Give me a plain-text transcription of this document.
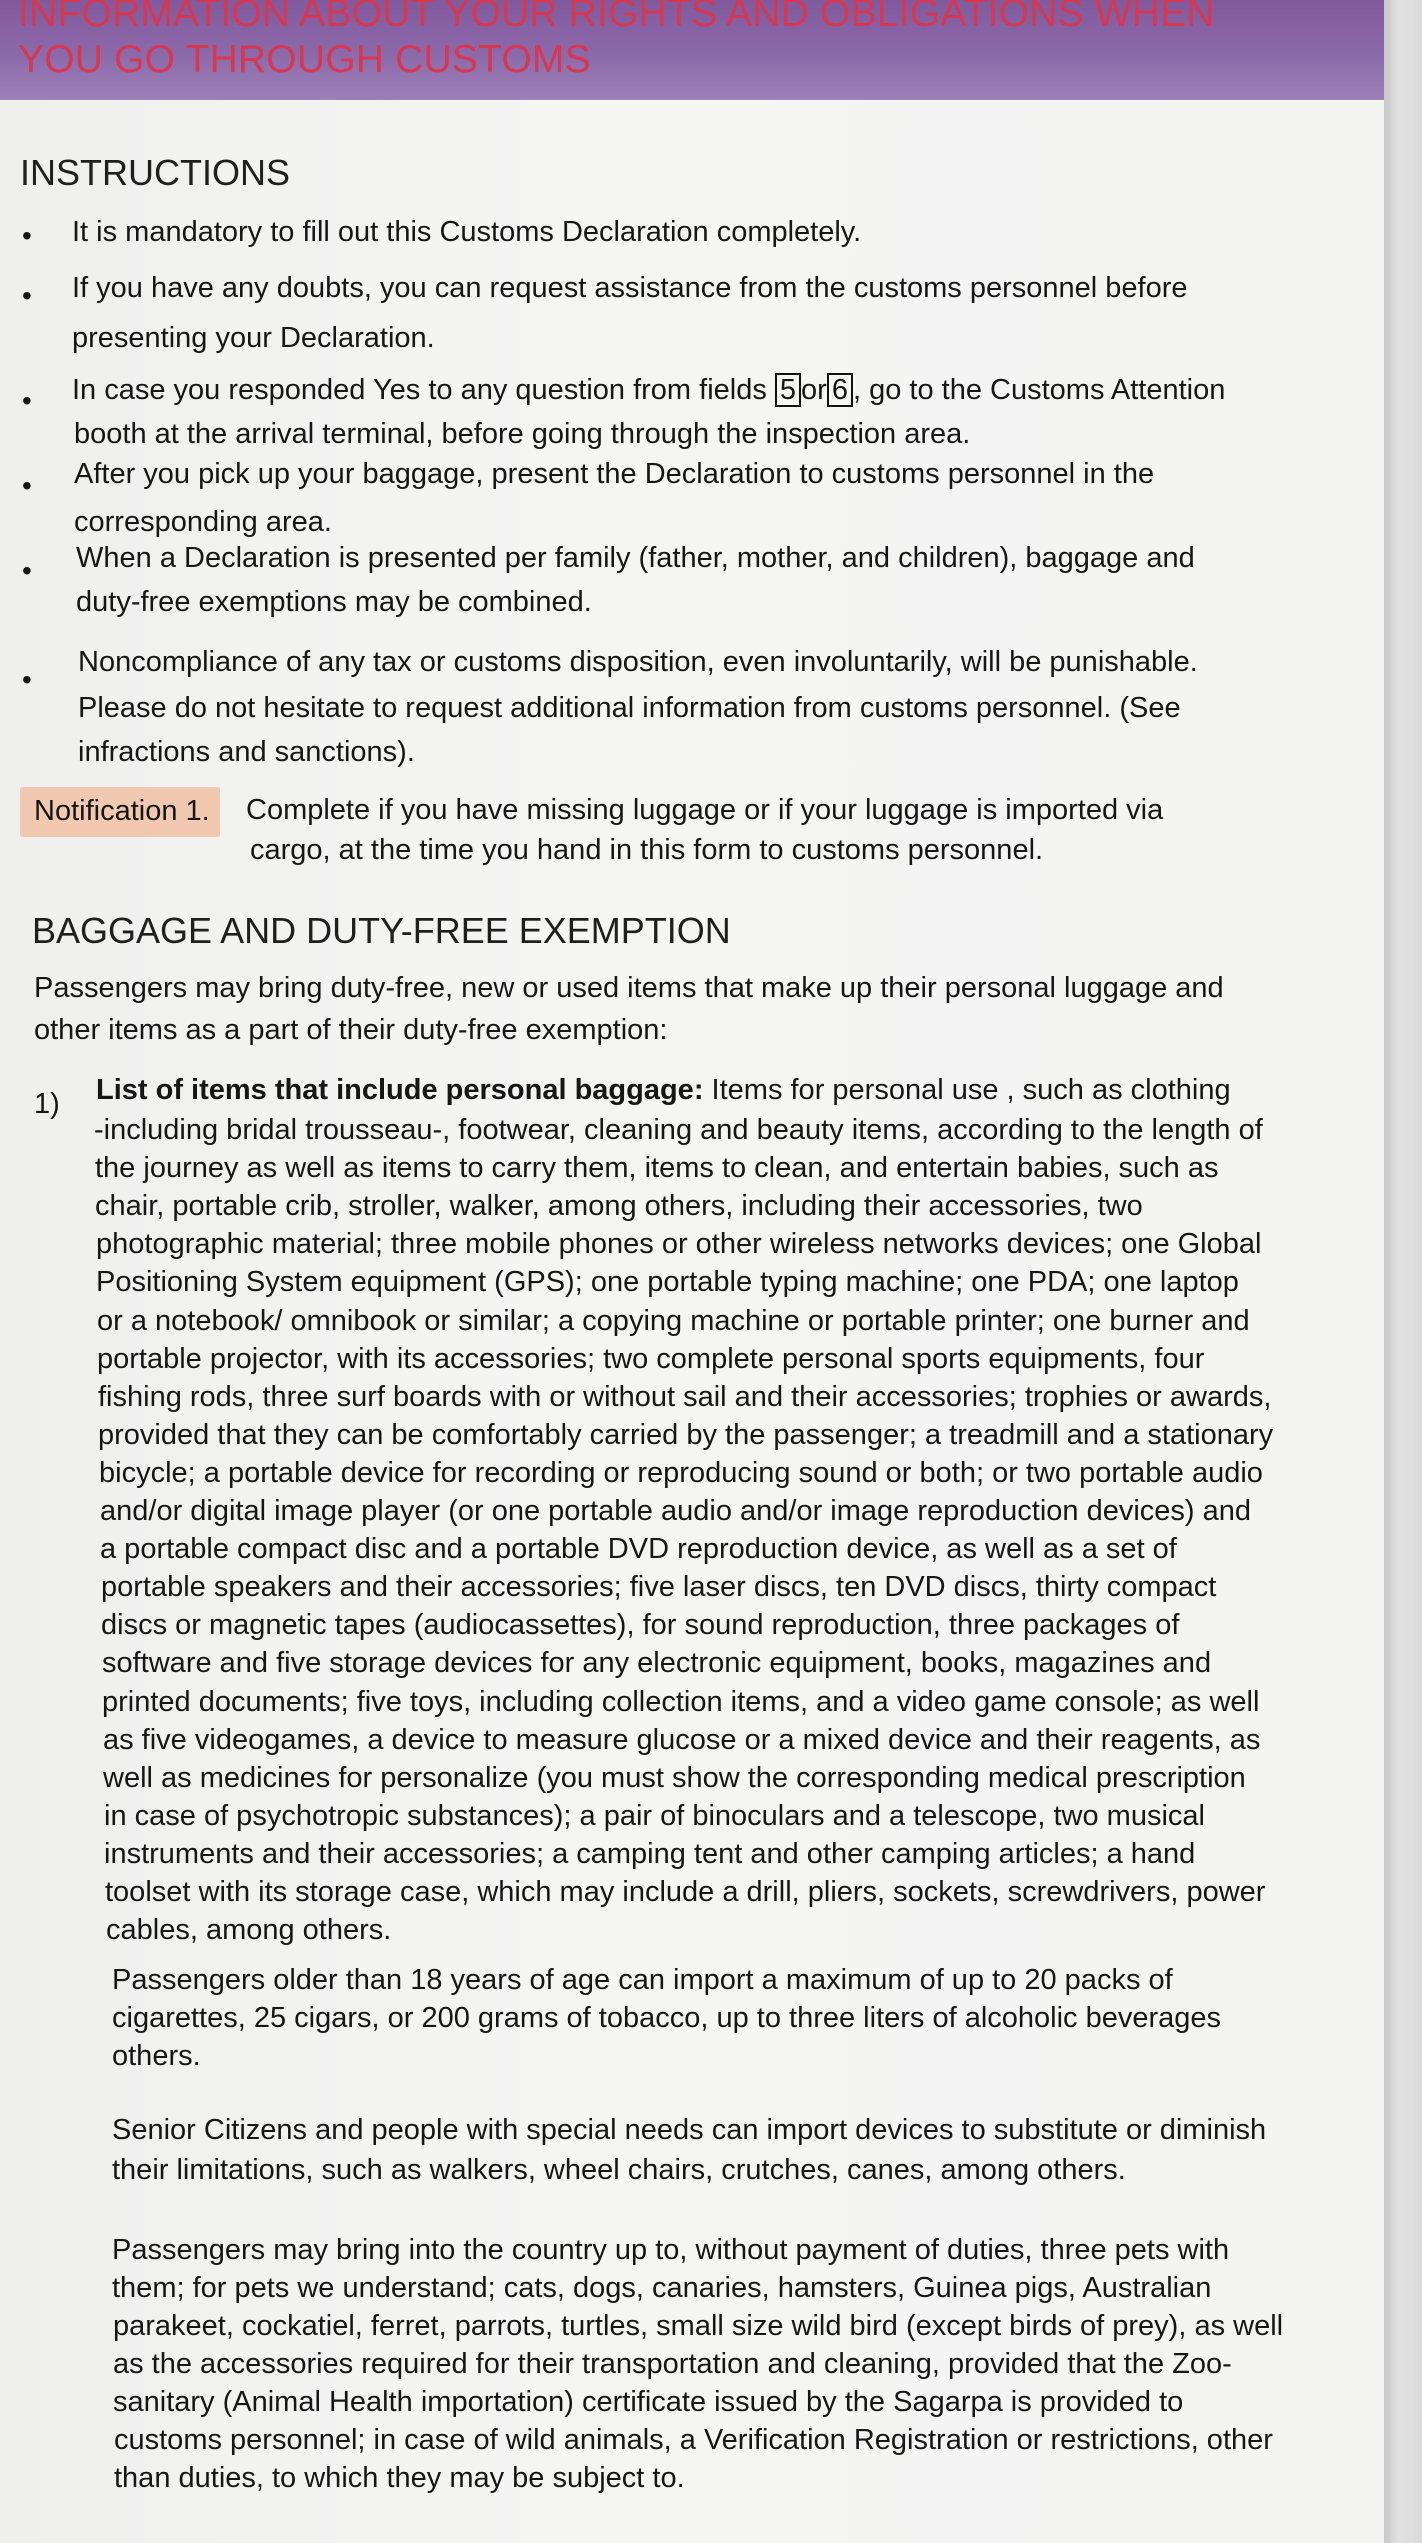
INFORMATION ABOUT YOUR RIGHTS AND OBLIGATIONS WHEN
YOU GO THROUGH CUSTOMS
INSTRUCTIONS
• It is mandatory to fill out this Customs Declaration completely.
• If you have any doubts, you can request assistance from the customs personnel before
presenting your Declaration.
• In case you responded Yes to any question from fields 5 or 6 , go to the Customs Attention
booth at the arrival terminal, before going through the inspection area.
• After you pick up your baggage, present the Declaration to customs personnel in the
corresponding area.
• When a Declaration is presented per family (father, mother, and children), baggage and
duty-free exemptions may be combined.
•
Noncompliance of any tax or customs disposition, even involuntarily, will be punishable.
Please do not hesitate to request additional information from customs personnel. (See
infractions and sanctions).
Notification 1. Complete if you have missing luggage or if your luggage is imported via
cargo, at the time you hand in this form to customs personnel.
BAGGAGE AND DUTY-FREE EXEMPTION
Passengers may bring duty-free, new or used items that make up their personal luggage and
other items as a part of their duty-free exemption:
1) List of items that include personal baggage: Items for personal use , such as clothing
-including bridal trousseau-, footwear, cleaning and beauty items, according to the length of
the journey as well as items to carry them, items to clean, and entertain babies, such as
chair, portable crib, stroller, walker, among others, including their accessories, two
photographic material; three mobile phones or other wireless networks devices; one Global
Positioning System equipment (GPS); one portable typing machine; one PDA; one laptop
or a notebook/ omnibook or similar; a copying machine or portable printer; one burner and
portable projector, with its accessories; two complete personal sports equipments, four
fishing rods, three surf boards with or without sail and their accessories; trophies or awards,
provided that they can be comfortably carried by the passenger; a treadmill and a stationary
bicycle; a portable device for recording or reproducing sound or both; or two portable audio
and/or digital image player (or one portable audio and/or image reproduction devices) and
a portable compact disc and a portable DVD reproduction device, as well as a set of
portable speakers and their accessories; five laser discs, ten DVD discs, thirty compact
discs or magnetic tapes (audiocassettes), for sound reproduction, three packages of
software and five storage devices for any electronic equipment, books, magazines and
printed documents; five toys, including collection items, and a video game console; as well
as five videogames, a device to measure glucose or a mixed device and their reagents, as
well as medicines for personalize (you must show the corresponding medical prescription
in case of psychotropic substances); a pair of binoculars and a telescope, two musical
instruments and their accessories; a camping tent and other camping articles; a hand
toolset with its storage case, which may include a drill, pliers, sockets, screwdrivers, power
cables, among others.
Passengers older than 18 years of age can import a maximum of up to 20 packs of
cigarettes, 25 cigars, or 200 grams of tobacco, up to three liters of alcoholic beverages
others.
Senior Citizens and people with special needs can import devices to substitute or diminish
their limitations, such as walkers, wheel chairs, crutches, canes, among others.
Passengers may bring into the country up to, without payment of duties, three pets with
them; for pets we understand; cats, dogs, canaries, hamsters, Guinea pigs, Australian
parakeet, cockatiel, ferret, parrots, turtles, small size wild bird (except birds of prey), as well
as the accessories required for their transportation and cleaning, provided that the Zoo-
sanitary (Animal Health importation) certificate issued by the Sagarpa is provided to
customs personnel; in case of wild animals, a Verification Registration or restrictions, other
than duties, to which they may be subject to.
